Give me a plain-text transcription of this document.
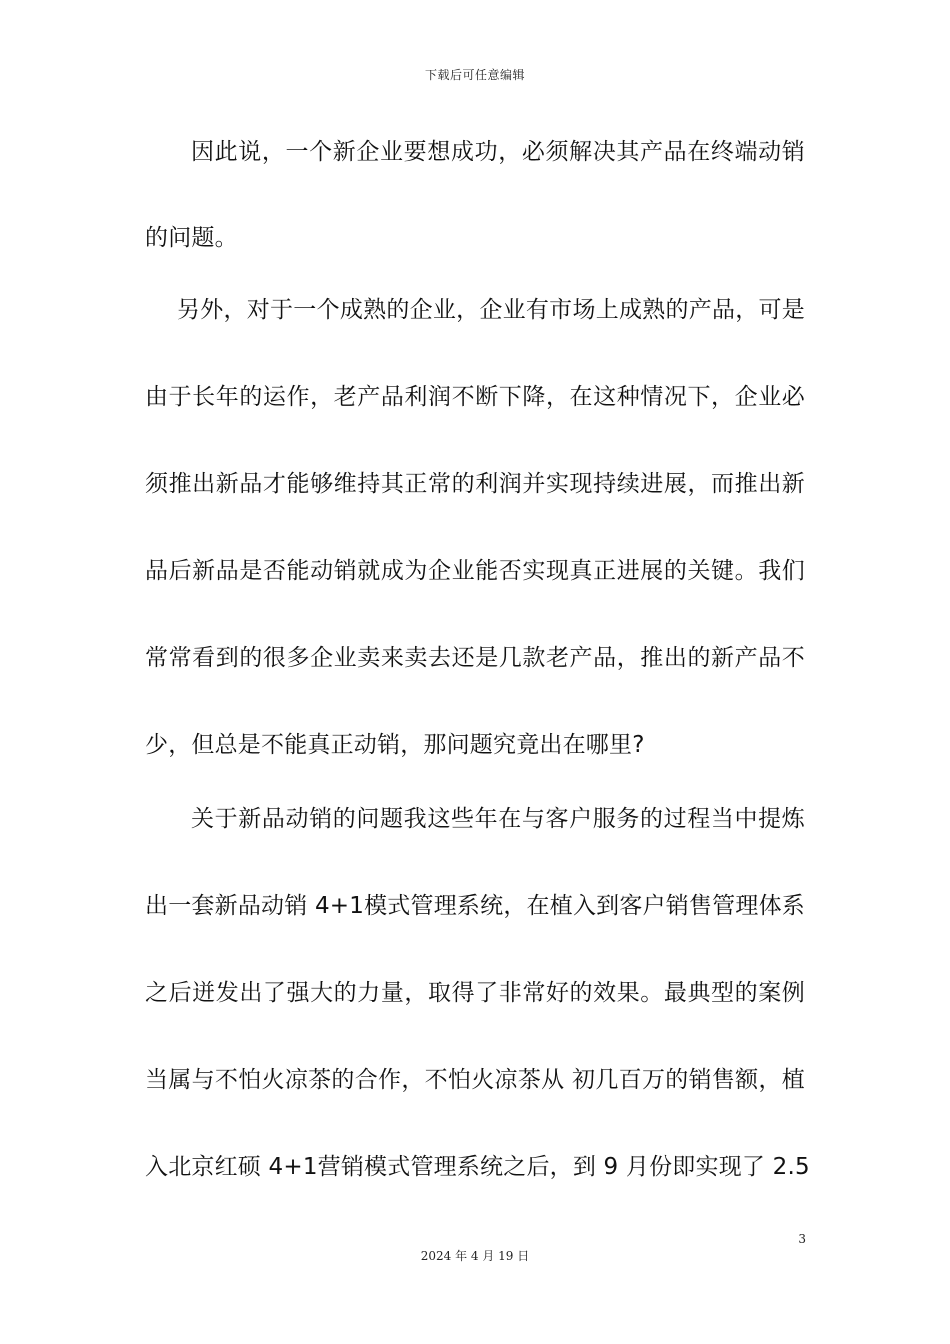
下载后可任意编辑
因此说，一个新企业要想成功，必须解决其产品在终端动销
的问题。
另外，对于一个成熟的企业，企业有市场上成熟的产品，可是
由于长年的运作，老产品利润不断下降，在这种情况下，企业必
须推出新品才能够维持其正常的利润并实现持续进展，而推出新
品后新品是否能动销就成为企业能否实现真正进展的关键。我们
常常看到的很多企业卖来卖去还是几款老产品，推出的新产品不
少，但总是不能真正动销，那问题究竟出在哪里?
关于新品动销的问题我这些年在与客户服务的过程当中提炼
出一套新品动销 4+1模式管理系统，在植入到客户销售管理体系
之后迸发出了强大的力量，取得了非常好的效果。最典型的案例
当属与不怕火凉茶的合作，不怕火凉茶从 初几百万的销售额，植
入北京红硕 4+1营销模式管理系统之后，到 9 月份即实现了 2.5
3
2024 年 4 月 19 日
